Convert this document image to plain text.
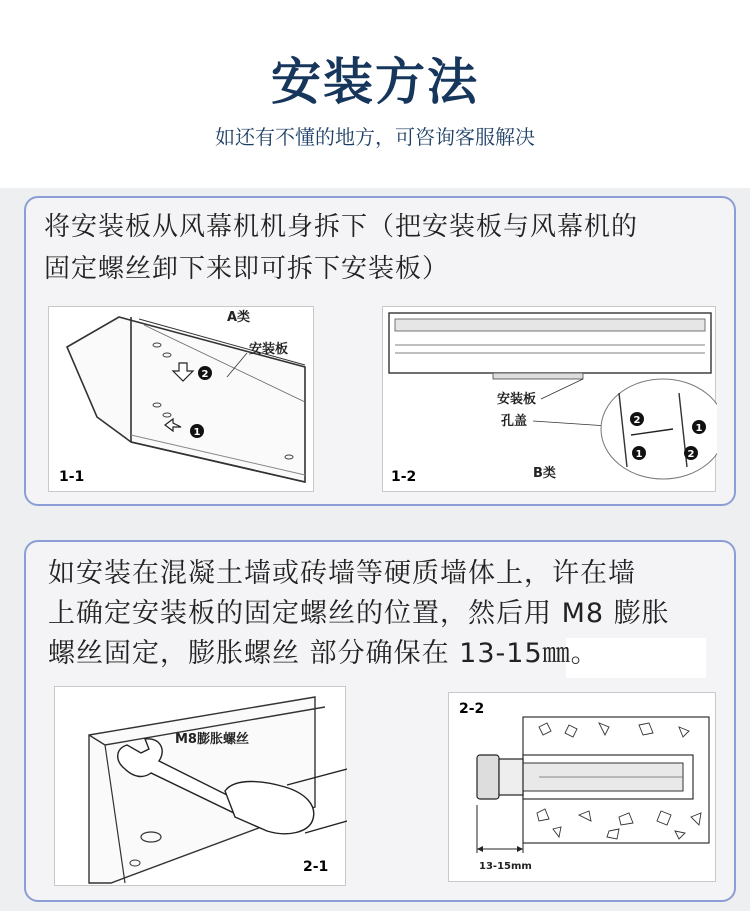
安装方法
如还有不懂的地方，可咨询客服解决
将安装板从风幕机机身拆下（把安装板与风幕机的
固定螺丝卸下来即可拆下安装板）
2
1
A类
安装板
1-1
安装板
孔盖	2
1
1	2
1-2	B类
如安装在混凝土墙或砖墙等硬质墙体上，许在墙
上确定安装板的固定螺丝的位置，然后用 M8 膨胀
螺丝固定，膨胀螺丝 部分确保在 13-15㎜。
M8膨胀螺丝
2-1
2-2
13-15mm
